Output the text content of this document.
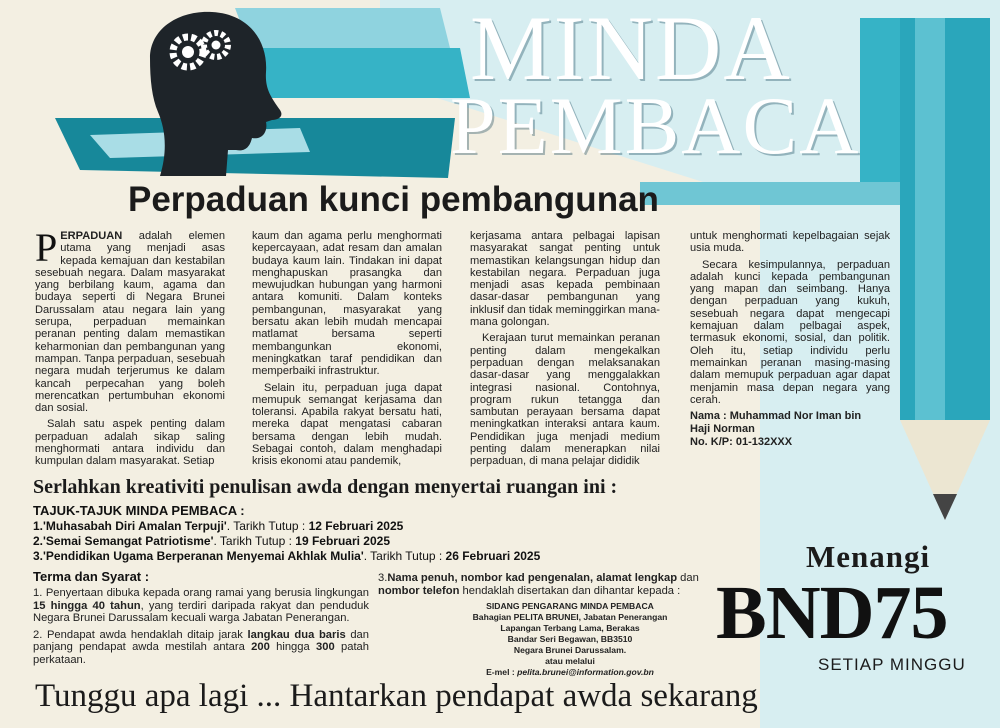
MINDA
PEMBACA
Perpaduan kunci pembangunan

PERPADUAN adalah elemen utama yang menjadi asas kepada kemajuan dan kestabilan sesebuah negara. Dalam masyarakat yang berbilang kaum, agama dan budaya seperti di Negara Brunei Darussalam atau negara lain yang serupa, perpaduan memainkan peranan penting dalam memastikan keharmonian dan pembangunan yang mampan. Tanpa perpaduan, sesebuah negara mudah terjerumus ke dalam kancah perpecahan yang boleh merencatkan pertumbuhan ekonomi dan sosial.

Salah satu aspek penting dalam perpaduan adalah sikap saling menghormati antara individu dan kumpulan dalam masyarakat. Setiap

kaum dan agama perlu menghormati kepercayaan, adat resam dan amalan budaya kaum lain. Tindakan ini dapat menghapuskan prasangka dan mewujudkan hubungan yang harmoni antara komuniti. Dalam konteks pembangunan, masyarakat yang bersatu akan lebih mudah mencapai matlamat bersama seperti membangunkan ekonomi, meningkatkan taraf pendidikan dan memperbaiki infrastruktur.

Selain itu, perpaduan juga dapat memupuk semangat kerjasama dan toleransi. Apabila rakyat bersatu hati, mereka dapat mengatasi cabaran bersama dengan lebih mudah. Sebagai contoh, dalam menghadapi krisis ekonomi atau pandemik,

kerjasama antara pelbagai lapisan masyarakat sangat penting untuk memastikan kelangsungan hidup dan kestabilan negara. Perpaduan juga menjadi asas kepada pembinaan dasar-dasar pembangunan yang inklusif dan tidak meminggirkan mana-mana golongan.

Kerajaan turut memainkan peranan penting dalam mengekalkan perpaduan dengan melaksanakan dasar-dasar yang menggalakkan integrasi nasional. Contohnya, program rukun tetangga dan sambutan perayaan bersama dapat meningkatkan interaksi antara kaum. Pendidikan juga menjadi medium penting dalam menerapkan nilai perpaduan, di mana pelajar dididik

untuk menghormati kepelbagaian sejak usia muda.

Secara kesimpulannya, perpaduan adalah kunci kepada pembangunan yang mapan dan seimbang. Hanya dengan perpaduan yang kukuh, sesebuah negara dapat mengecapi kemajuan dalam pelbagai aspek, termasuk ekonomi, sosial, dan politik. Oleh itu, setiap individu perlu memainkan peranan masing-masing dalam memupuk perpaduan agar dapat menjamin masa depan negara yang cerah.

Nama : Muhammad Nor Iman bin
Haji Norman
No. K/P: 01-132XXX

Serlahkan kreativiti penulisan awda dengan menyertai ruangan ini :
TAJUK-TAJUK MINDA PEMBACA :
1.'Muhasabah Diri Amalan Terpuji'. Tarikh Tutup : 12 Februari 2025
2.'Semai Semangat Patriotisme'. Tarikh Tutup : 19 Februari 2025
3.'Pendidikan Ugama Berperanan Menyemai Akhlak Mulia'. Tarikh Tutup : 26 Februari 2025
Terma dan Syarat :

1. Penyertaan dibuka kepada orang ramai yang berusia lingkungan 15 hingga 40 tahun, yang terdiri daripada rakyat dan penduduk Negara Brunei Darussalam kecuali warga Jabatan Penerangan.

2. Pendapat awda hendaklah ditaip jarak langkau dua baris dan panjang pendapat awda mestilah antara 200 hingga 300 patah perkataan.

3.Nama penuh, nombor kad pengenalan, alamat lengkap dan nombor telefon hendaklah disertakan dan dihantar kepada :
SIDANG PENGARANG MINDA PEMBACA
Bahagian PELITA BRUNEI, Jabatan Penerangan
Lapangan Terbang Lama, Berakas
Bandar Seri Begawan, BB3510
Negara Brunei Darussalam.
atau melalui
E-mel : pelita.brunei@information.gov.bn
Menangi
BND75
SETIAP MINGGU
Tunggu apa lagi ... Hantarkan pendapat awda sekarang
